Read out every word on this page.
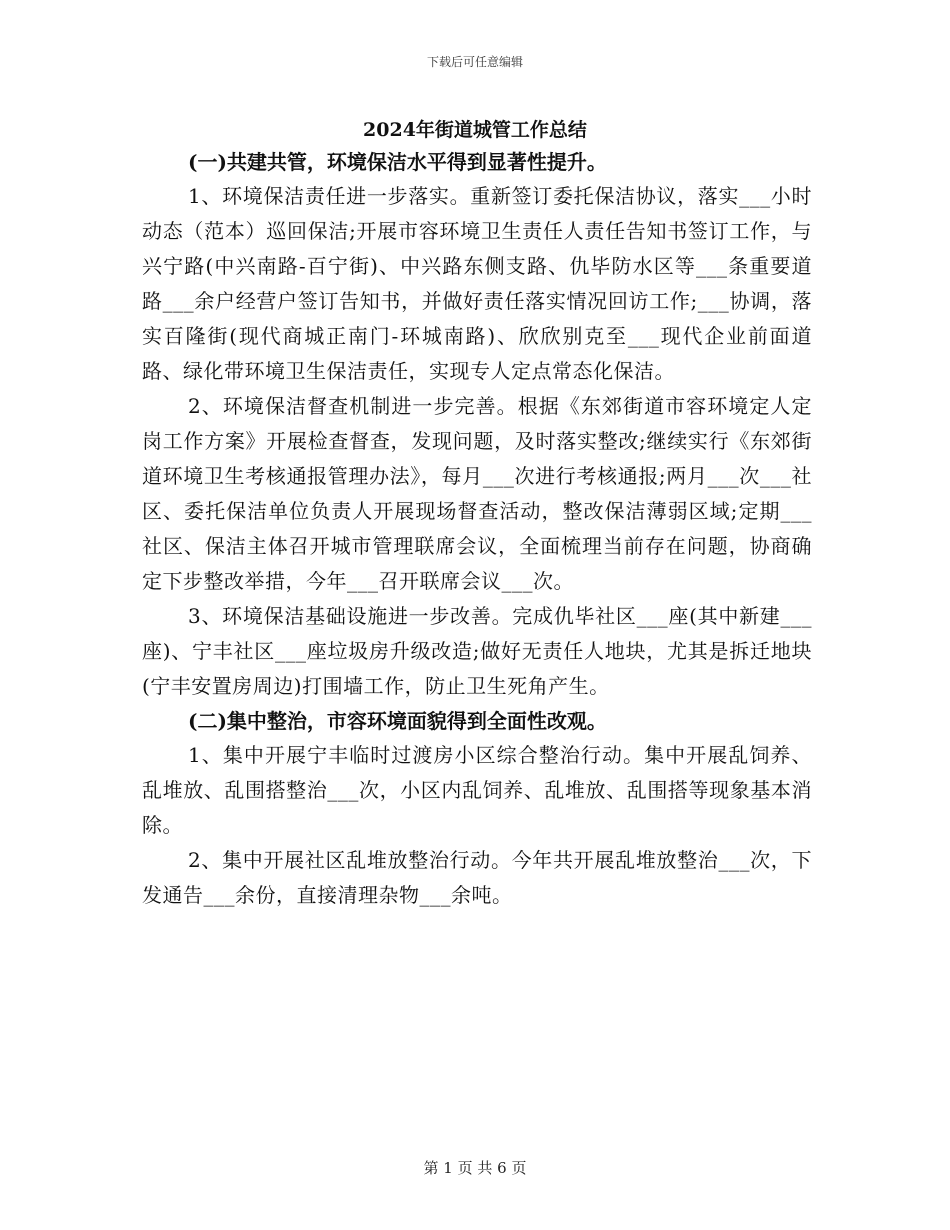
下载后可任意编辑
2024年街道城管工作总结

(一)共建共管，环境保洁水平得到显著性提升。

1、环境保洁责任进一步落实。重新签订委托保洁协议，落实___小时动态（范本）巡回保洁;开展市容环境卫生责任人责任告知书签订工作，与兴宁路(中兴南路-百宁街)、中兴路东侧支路、仇毕防水区等___条重要道路___余户经营户签订告知书，并做好责任落实情况回访工作;___协调，落实百隆街(现代商城正南门-环城南路)、欣欣别克至___现代企业前面道路、绿化带环境卫生保洁责任，实现专人定点常态化保洁。

2、环境保洁督查机制进一步完善。根据《东郊街道市容环境定人定岗工作方案》开展检查督查，发现问题，及时落实整改;继续实行《东郊街道环境卫生考核通报管理办法》，每月___次进行考核通报;两月___次___社区、委托保洁单位负责人开展现场督查活动，整改保洁薄弱区域;定期___社区、保洁主体召开城市管理联席会议，全面梳理当前存在问题，协商确定下步整改举措，今年___召开联席会议___次。

3、环境保洁基础设施进一步改善。完成仇毕社区___座(其中新建___座)、宁丰社区___座垃圾房升级改造;做好无责任人地块，尤其是拆迁地块(宁丰安置房周边)打围墙工作，防止卫生死角产生。

(二)集中整治，市容环境面貌得到全面性改观。

1、集中开展宁丰临时过渡房小区综合整治行动。集中开展乱饲养、乱堆放、乱围搭整治___次，小区内乱饲养、乱堆放、乱围搭等现象基本消除。

2、集中开展社区乱堆放整治行动。今年共开展乱堆放整治___次，下发通告___余份，直接清理杂物___余吨。

第 1 页 共 6 页
